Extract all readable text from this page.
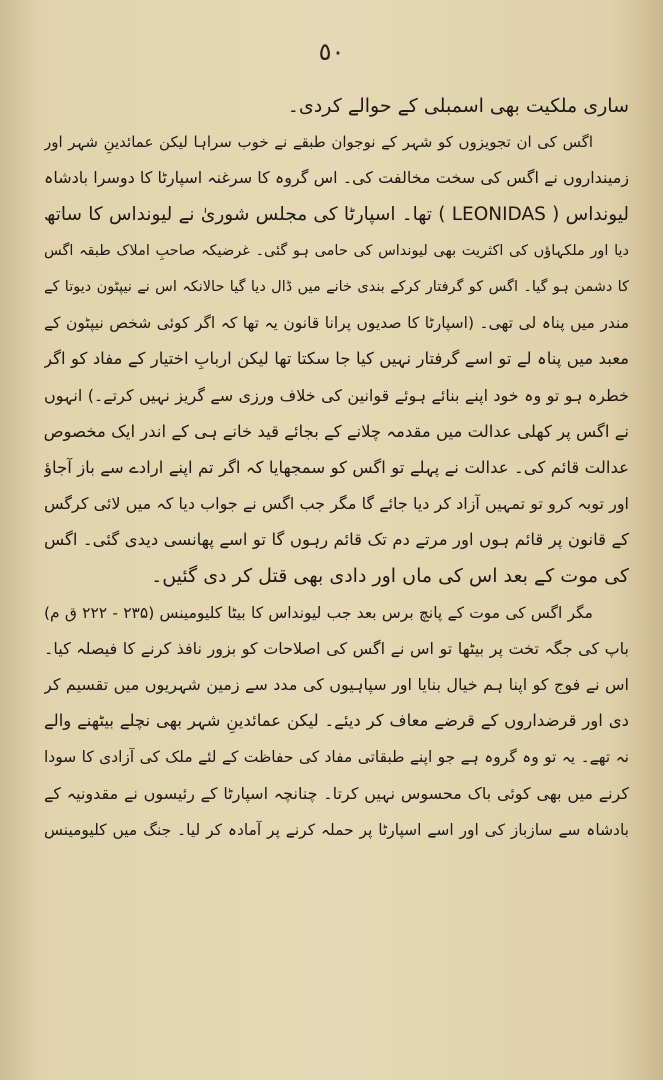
٥٠
ساری ملکیت بھی اسمبلی کے حوالے کردی۔
اگس کی ان تجویزوں کو شہر کے نوجوان طبقے نے خوب سراہا لیکن عمائدینِ شہر اور
زمینداروں نے اگس کی سخت مخالفت کی۔ اس گروہ کا سرغنہ اسپارٹا کا دوسرا بادشاہ
لیونداس ( LEONIDAS ) تھا۔ اسپارٹا کی مجلس شوریٰ نے لیونداس کا ساتھ
دیا اور ملکہاؤں کی اکثریت بھی لیونداس کی حامی ہو گئی۔ غرضیکہ صاحبِ املاک طبقہ اگس
کا دشمن ہو گیا۔ اگس کو گرفتار کرکے بندی خانے میں ڈال دیا گیا حالانکہ اس نے نیپٹون دیوتا کے
مندر میں پناہ لی تھی۔ (اسپارٹا کا صدیوں پرانا قانون یہ تھا کہ اگر کوئی شخص نیپٹون کے
معبد میں پناہ لے تو اسے گرفتار نہیں کیا جا سکتا تھا لیکن اربابِ اختیار کے مفاد کو اگر
خطرہ ہو تو وہ خود اپنے بنائے ہوئے قوانین کی خلاف ورزی سے گریز نہیں کرتے۔) انہوں
نے اگس پر کھلی عدالت میں مقدمہ چلانے کے بجائے قید خانے ہی کے اندر ایک مخصوص
عدالت قائم کی۔ عدالت نے پہلے تو اگس کو سمجھایا کہ اگر تم اپنے ارادے سے باز آجاؤ
اور توبہ کرو تو تمہیں آزاد کر دیا جائے گا مگر جب اگس نے جواب دیا کہ میں لائی کرگس
کے قانون پر قائم ہوں اور مرتے دم تک قائم رہوں گا تو اسے پھانسی دیدی گئی۔ اگس
کی موت کے بعد اس کی ماں اور دادی بھی قتل کر دی گئیں۔
مگر اگس کی موت کے پانچ برس بعد جب لیونداس کا بیٹا کلیومینس (۲۳۵ - ۲۲۲ ق م)
باپ کی جگہ تخت پر بیٹھا تو اس نے اگس کی اصلاحات کو بزور نافذ کرنے کا فیصلہ کیا۔
اس نے فوج کو اپنا ہم خیال بنایا اور سپاہیوں کی مدد سے زمین شہریوں میں تقسیم کر
دی اور قرضداروں کے قرضے معاف کر دیئے۔ لیکن عمائدینِ شہر بھی نچلے بیٹھنے والے
نہ تھے۔ یہ تو وہ گروہ ہے جو اپنے طبقاتی مفاد کی حفاظت کے لئے ملک کی آزادی کا سودا
کرنے میں بھی کوئی باک محسوس نہیں کرتا۔ چنانچہ اسپارٹا کے رئیسوں نے مقدونیہ کے
بادشاہ سے سازباز کی اور اسے اسپارٹا پر حملہ کرنے پر آمادہ کر لیا۔ جنگ میں کلیومینس
